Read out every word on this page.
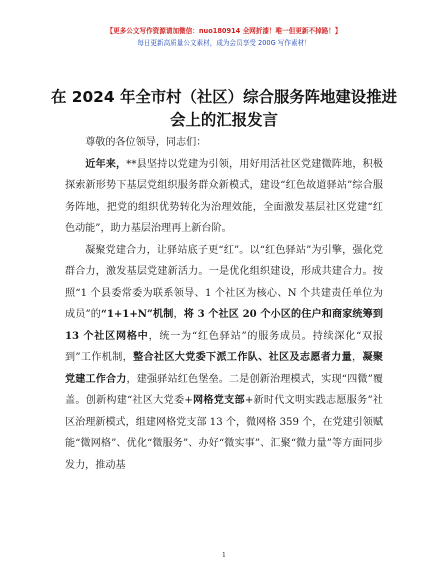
【更多公文写作资源请加微信：nuo180914 全网折漆！唯一但更新不掉路！】
每日更新高质量公文素材，成为会员享受 200G 写作素材！
在 2024 年全市村（社区）综合服务阵地建设推进会上的汇报发言

尊敬的各位领导，同志们：

近年来，**县坚持以党建为引领，用好用活社区党建微阵地，积极探索新形势下基层党组织服务群众新模式，建设“红色故道驿站”综合服务阵地，把党的组织优势转化为治理效能，全面激发基层社区党建“红色动能”，助力基层治理再上新台阶。

凝聚党建合力，让驿站底子更“红”。以“红色驿站”为引擎，强化党群合力，激发基层党建新活力。一是优化组织建设，形成共建合力。按照“1 个县委常委为联系领导、1 个社区为核心、N 个共建责任单位为成员”的“1+1+N”机制，将 3 个社区 20 个小区的住户和商家统筹到 13 个社区网格中，统一为“红色驿站”的服务成员。持续深化“双报到”工作机制，整合社区大党委下派工作队、社区及志愿者力量，凝聚党建工作合力，建强驿站红色堡垒。二是创新治理模式，实现“四微”覆盖。创新构建“社区大党委+网格党支部+新时代文明实践志愿服务”社区治理新模式，组建网格党支部 13 个，微网格 359 个，在党建引领赋能“微网格”、优化“微服务”、办好“微实事”、汇聚“微力量”等方面同步发力，推动基

1
